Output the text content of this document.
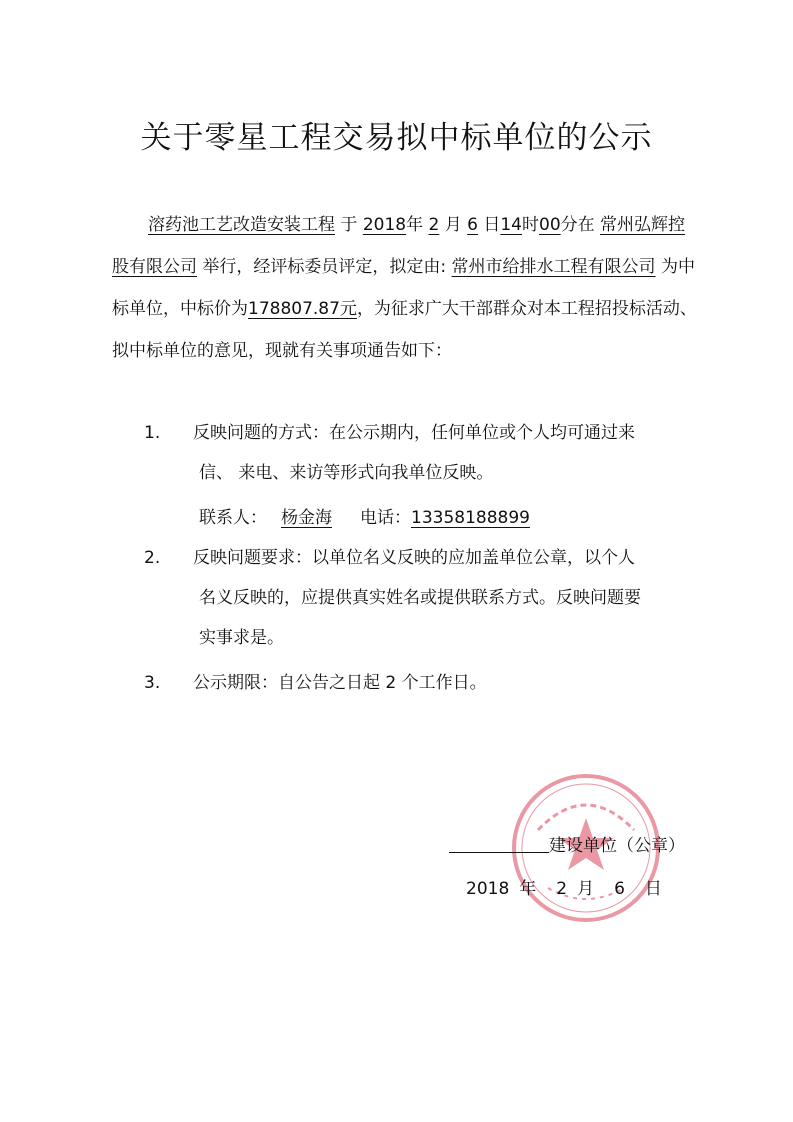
关于零星工程交易拟中标单位的公示

溶药池工艺改造安装工程 于 2018年 2 月 6 日14时00分在 常州弘辉控股有限公司 举行，经评标委员评定，拟定由: 常州市给排水工程有限公司 为中标单位，中标价为178807.87元，为征求广大干部群众对本工程招投标活动、拟中标单位的意见，现就有关事项通告如下：

1. 反映问题的方式：在公示期内，任何单位或个人均可通过来
信、 来电、来访等形式向我单位反映。
联系人： 杨金海 电话：13358188899
2. 反映问题要求：以单位名义反映的应加盖单位公章，以个人
名义反映的，应提供真实姓名或提供联系方式。反映问题要
实事求是。
3. 公示期限：自公告之日起 2 个工作日。
建设单位（公章）
2018 年 2 月 6 日
